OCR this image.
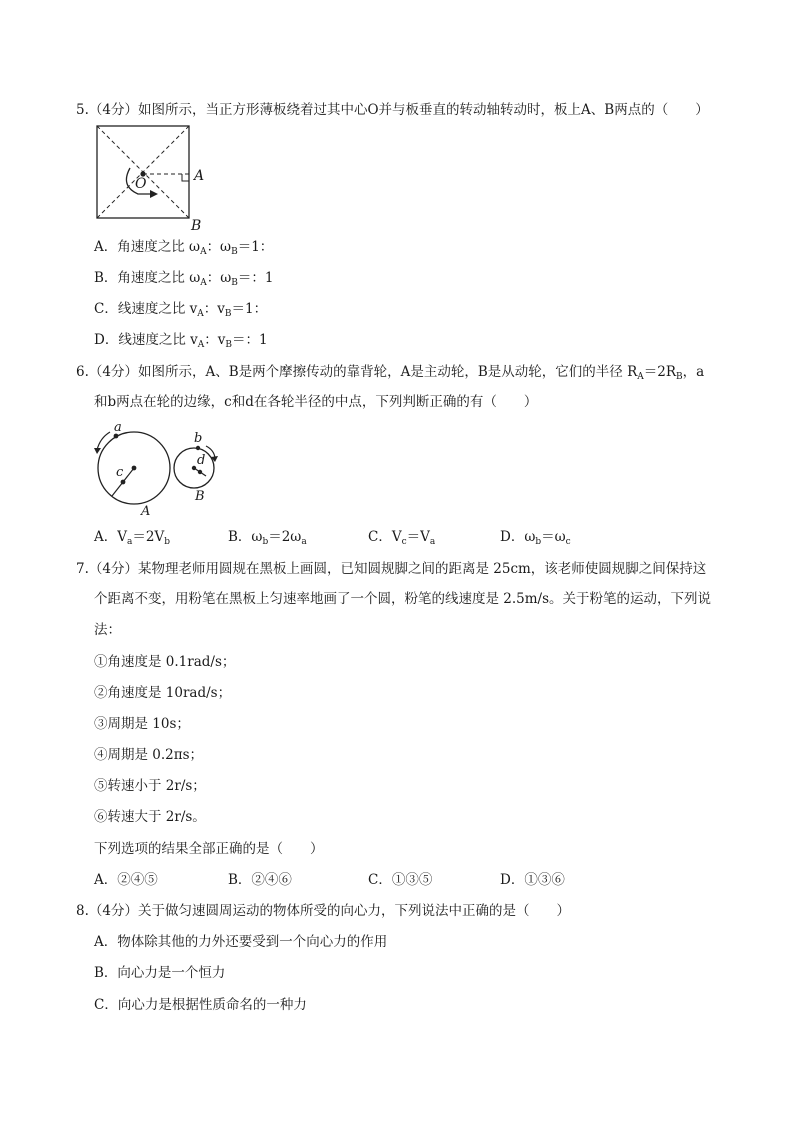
5.（4分）如图所示，当正方形薄板绕着过其中心O并与板垂直的转动轴转动时，板上A、B两点的（　　）
O	A
B
A．角速度之比 $\omega_A$：$\omega_B=1$：
B．角速度之比 $\omega_A$：$\omega_B=$：1
C．线速度之比 $v_A$：$v_B=1$：
D．线速度之比 $v_A$：$v_B=$：1
6.（4分）如图所示，A、B是两个摩擦传动的靠背轮，A是主动轮，B是从动轮，它们的半径 $R_A=2R_B$，a
和b两点在轮的边缘，c和d在各轮半径的中点，下列判断正确的有（　　）
a
c
b
d
A
B
A．$V_a=2V_b$	B．$\omega_b=2\omega_a$	C．$V_c=V_a$	D．$\omega_b=\omega_c$
7.（4分）某物理老师用圆规在黑板上画圆，已知圆规脚之间的距离是 25cm，该老师使圆规脚之间保持这
个距离不变，用粉笔在黑板上匀速率地画了一个圆，粉笔的线速度是 2.5m/s。关于粉笔的运动，下列说
法：
①角速度是 0.1rad/s；
②角速度是 10rad/s；
③周期是 10s；
④周期是 0.2πs；
⑤转速小于 2r/s；
⑥转速大于 2r/s。
下列选项的结果全部正确的是（　　）
A．②④⑤	B．②④⑥	C．①③⑤	D．①③⑥
8.（4分）关于做匀速圆周运动的物体所受的向心力，下列说法中正确的是（　　）
A．物体除其他的力外还要受到一个向心力的作用
B．向心力是一个恒力
C．向心力是根据性质命名的一种力
